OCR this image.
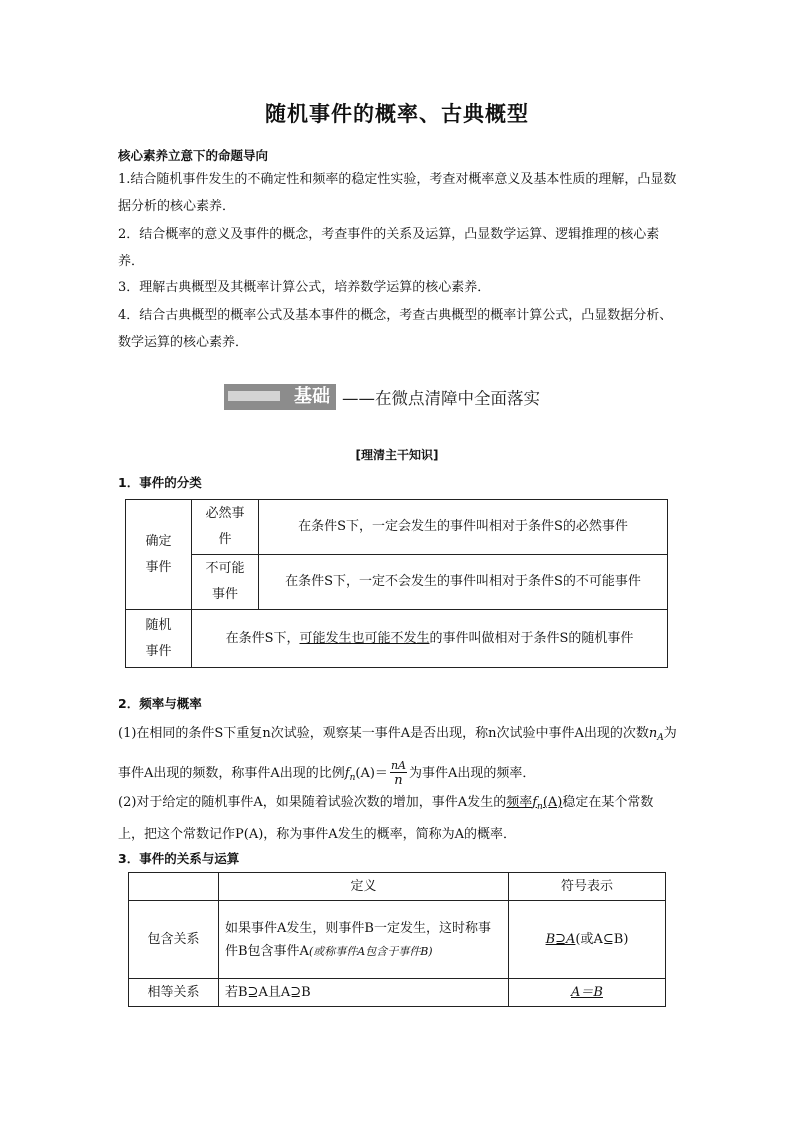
随机事件的概率、古典概型
核心素养立意下的命题导向
1.结合随机事件发生的不确定性和频率的稳定性实验，考查对概率意义及基本性质的理解，凸显数据分析的核心素养．
2．结合概率的意义及事件的概念，考查事件的关系及运算，凸显数学运算、逻辑推理的核心素养．
3．理解古典概型及其概率计算公式，培养数学运算的核心素养．
4．结合古典概型的概率公式及基本事件的概念，考查古典概型的概率计算公式，凸显数据分析、数学运算的核心素养．
基础 ——在微点清障中全面落实
[理清主干知识]
1．事件的分类
确定事件	必然事件	在条件S下，一定会发生的事件叫相对于条件S的必然事件
	不可能事件	在条件S下，一定不会发生的事件叫相对于条件S的不可能事件
随机事件	在条件S下，可能发生也可能不发生的事件叫做相对于条件S的随机事件	
2．频率与概率
(1)在相同的条件S下重复n次试验，观察某一事件A是否出现，称n次试验中事件A出现的次数$n_A$为事件A出现的频数，称事件A出现的比例$f_n(A)= \frac{nA}{n}$ 为事件A出现的频率．
(2)对于给定的随机事件A，如果随着试验次数的增加，事件A发生的频率$f_n(A)$稳定在某个常数上，把这个常数记作P(A)，称为事件A发生的概率，简称为A的概率．
3．事件的关系与运算
	定义	符号表示
包含关系	如果事件A发生，则事件B一定发生，这时称事件B包含事件A(或称事件A包含于事件B)	B⊇A(或A⊆B)
相等关系	若B⊇A且A⊇B	A＝B
